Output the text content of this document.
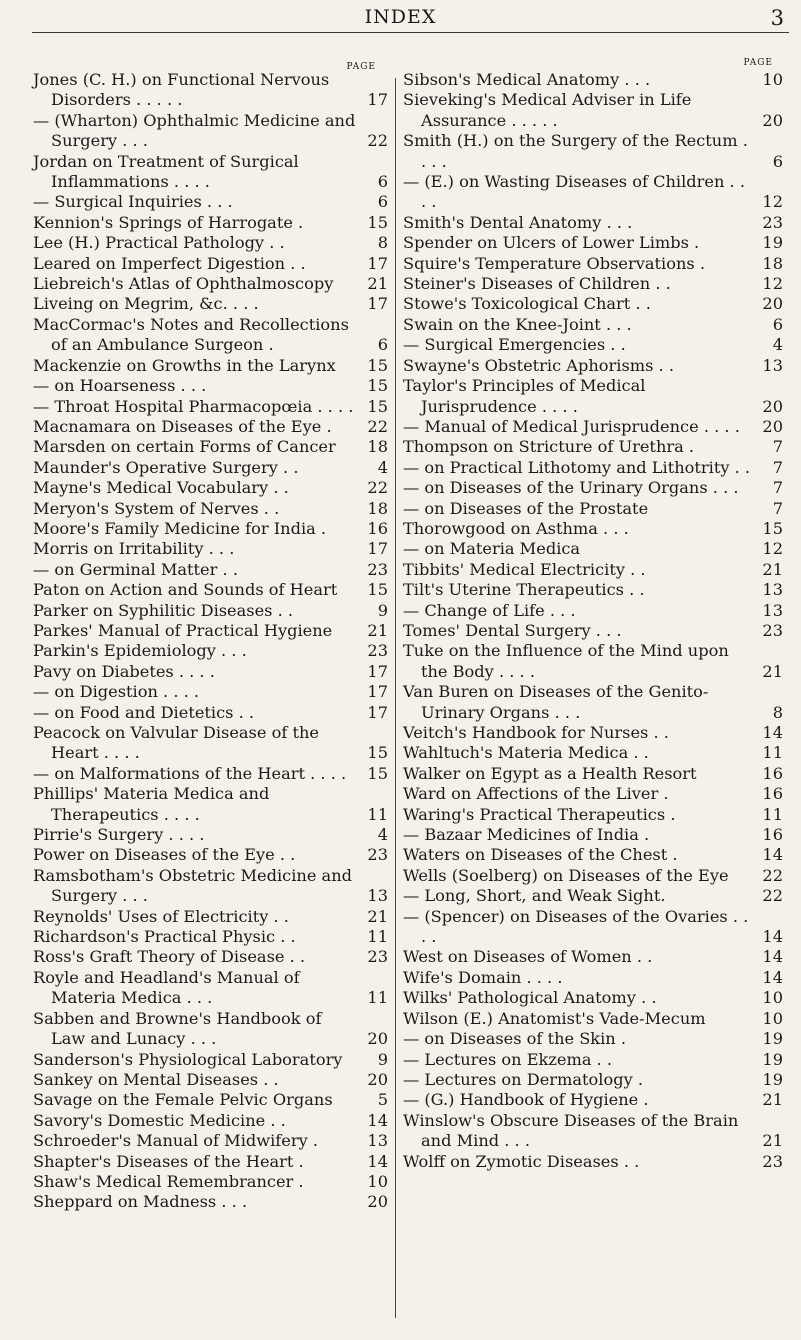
INDEX	3
PAGE
Jones (C. H.) on Functional Nervous Disorders . . . . .	17
— (Wharton) Ophthalmic Medicine and Surgery . . .	22
Jordan on Treatment of Surgical Inflammations . . . .	6
— Surgical Inquiries . . .	6
Kennion's Springs of Harrogate .	15
Lee (H.) Practical Pathology . .	8
Leared on Imperfect Digestion . .	17
Liebreich's Atlas of Ophthalmoscopy	21
Liveing on Megrim, &c. . . .	17
MacCormac's Notes and Recollections of an Ambulance Surgeon .	6
Mackenzie on Growths in the Larynx	15
— on Hoarseness . . .	15
— Throat Hospital Pharmacopœia . . . . 15
Macnamara on Diseases of the Eye .	22
Marsden on certain Forms of Cancer	18
Maunder's Operative Surgery . .	4
Mayne's Medical Vocabulary . .	22
Meryon's System of Nerves . .	18
Moore's Family Medicine for India .	16
Morris on Irritability . . .	17
— on Germinal Matter . .	23
Paton on Action and Sounds of Heart	15
Parker on Syphilitic Diseases . .	9
Parkes' Manual of Practical Hygiene	21
Parkin's Epidemiology . . .	23
Pavy on Diabetes . . . .	17
— on Digestion . . . .	17
— on Food and Dietetics . .	17
Peacock on Valvular Disease of the Heart . . . .	15
— on Malformations of the Heart . . . .	15
Phillips' Materia Medica and Therapeutics . . . .	11
Pirrie's Surgery . . . .	4
Power on Diseases of the Eye . .	23
Ramsbotham's Obstetric Medicine and Surgery . . .	13
Reynolds' Uses of Electricity . .	21
Richardson's Practical Physic . .	11
Ross's Graft Theory of Disease . .	23
Royle and Headland's Manual of Materia Medica . . .	11
Sabben and Browne's Handbook of Law and Lunacy . . .	20
Sanderson's Physiological Laboratory	9
Sankey on Mental Diseases . .	20
Savage on the Female Pelvic Organs	5
Savory's Domestic Medicine . .	14
Schroeder's Manual of Midwifery .	13
Shapter's Diseases of the Heart .	14
Shaw's Medical Remembrancer .	10
Sheppard on Madness . . .	20
PAGE
Sibson's Medical Anatomy . . .	10
Sieveking's Medical Adviser in Life Assurance . . . . .	20
Smith (H.) on the Surgery of the Rectum . . . .	6
— (E.) on Wasting Diseases of Children . . . .	12
Smith's Dental Anatomy . . .	23
Spender on Ulcers of Lower Limbs .	19
Squire's Temperature Observations .	18
Steiner's Diseases of Children . .	12
Stowe's Toxicological Chart . .	20
Swain on the Knee-Joint . . .	6
— Surgical Emergencies . .	4
Swayne's Obstetric Aphorisms . .	13
Taylor's Principles of Medical Jurisprudence . . . .	20
— Manual of Medical Jurisprudence . . . .	20
Thompson on Stricture of Urethra .	7
— on Practical Lithotomy and Lithotrity . .	7
— on Diseases of the Urinary Organs . . .	7
— on Diseases of the Prostate	7
Thorowgood on Asthma . . .	15
— on Materia Medica	12
Tibbits' Medical Electricity . .	21
Tilt's Uterine Therapeutics . .	13
— Change of Life . . .	13
Tomes' Dental Surgery . . .	23
Tuke on the Influence of the Mind upon the Body . . . .	21
Van Buren on Diseases of the Genito-Urinary Organs . . .	8
Veitch's Handbook for Nurses . .	14
Wahltuch's Materia Medica . .	11
Walker on Egypt as a Health Resort	16
Ward on Affections of the Liver .	16
Waring's Practical Therapeutics .	11
— Bazaar Medicines of India .	16
Waters on Diseases of the Chest .	14
Wells (Soelberg) on Diseases of the Eye	22
— Long, Short, and Weak Sight.	22
— (Spencer) on Diseases of the Ovaries . . . .	14
West on Diseases of Women . .	14
Wife's Domain . . . .	14
Wilks' Pathological Anatomy . .	10
Wilson (E.) Anatomist's Vade-Mecum	10
— on Diseases of the Skin .	19
— Lectures on Ekzema . .	19
— Lectures on Dermatology .	19
— (G.) Handbook of Hygiene .	21
Winslow's Obscure Diseases of the Brain and Mind . . .	21
Wolff on Zymotic Diseases . .	23
